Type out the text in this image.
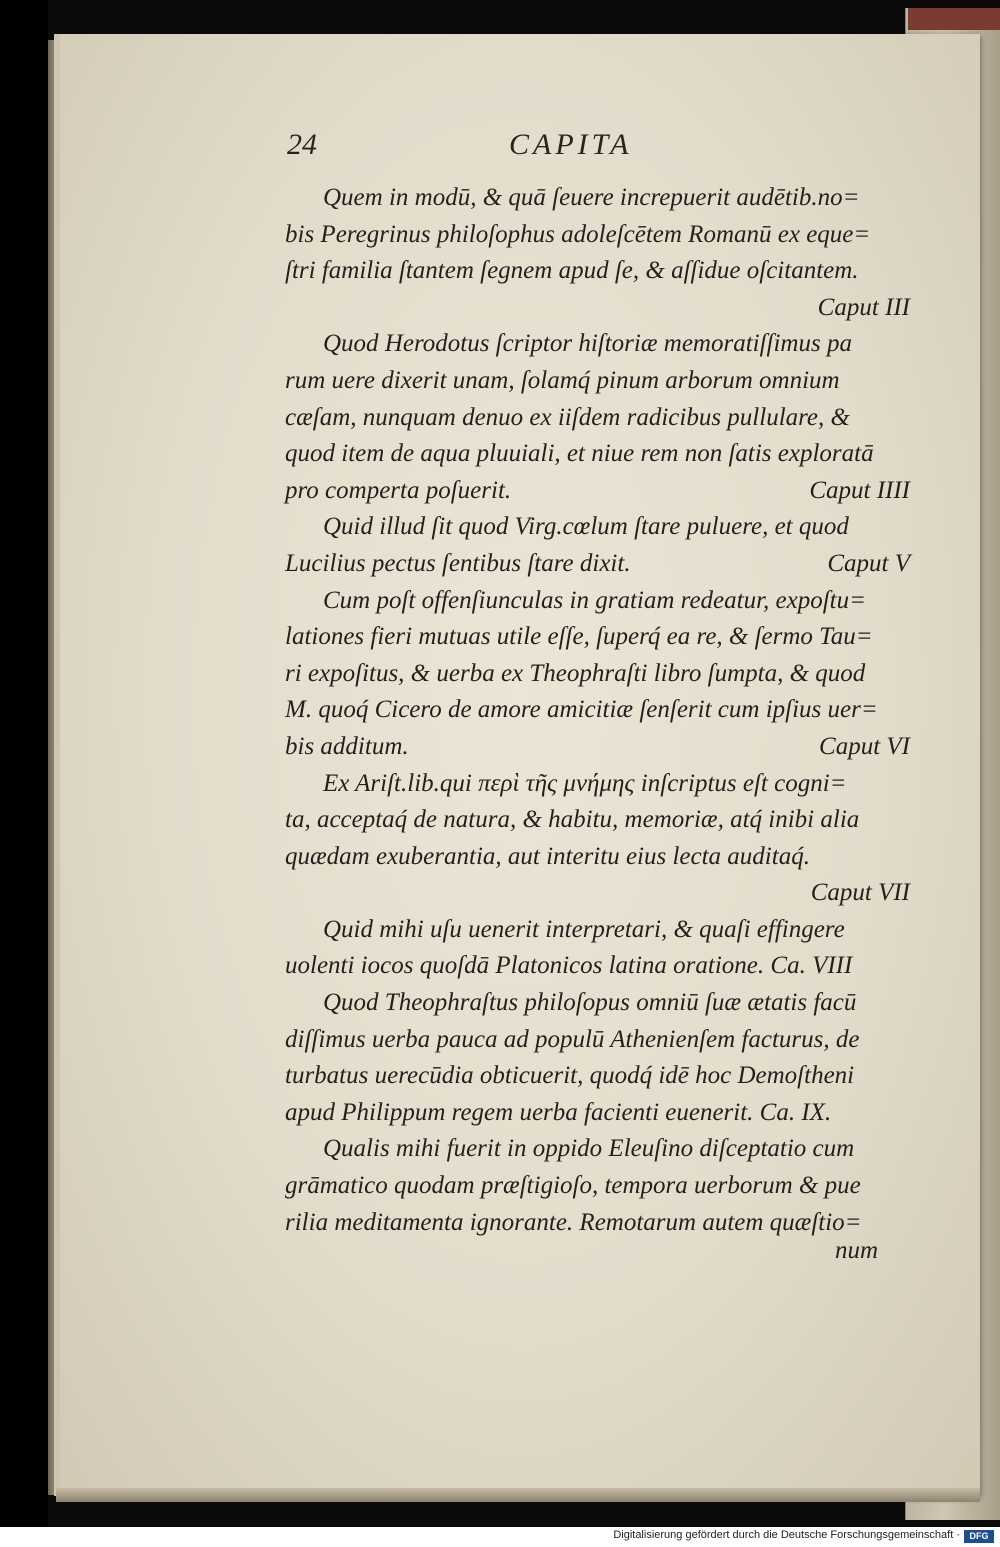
24	CAPITA
Quem in modū, & quā ſeuere increpuerit audētib.no=
bis Peregrinus philoſophus adoleſcētem Romanū ex eque=
ſtri familia ſtantem ſegnem apud ſe, & aſſidue oſcitantem.
Caput III
Quod Herodotus ſcriptor hiſtoriæ memoratiſſimus pa
rum uere dixerit unam, ſolamq́ pinum arborum omnium
cæſam, nunquam denuo ex iiſdem radicibus pullulare, &
quod item de aqua pluuiali, et niue rem non ſatis exploratā
pro comperta poſuerit.	Caput IIII
Quid illud ſit quod Virg.cœlum ſtare puluere, et quod
Lucilius pectus ſentibus ſtare dixit.	Caput V
Cum poſt offenſiunculas in gratiam redeatur, expoſtu=
lationes fieri mutuas utile eſſe, ſuperq́ ea re, & ſermo Tau=
ri expoſitus, & uerba ex Theophraſti libro ſumpta, & quod
M. quoq́ Cicero de amore amicitiæ ſenſerit cum ipſius uer=
bis additum.	Caput VI
Ex Ariſt.lib.qui περὶ τῆς μνήμης inſcriptus eſt cogni=
ta, acceptaq́ de natura, & habitu, memoriæ, atq́ inibi alia
quædam exuberantia, aut interitu eius lecta auditaq́.
Caput VII
Quid mihi uſu uenerit interpretari, & quaſi effingere
uolenti iocos quoſdā Platonicos latina oratione. Ca. VIII
Quod Theophraſtus philoſopus omniū ſuæ ætatis facū
diſſimus uerba pauca ad populū Athenienſem facturus, de
turbatus uerecūdia obticuerit, quodq́ idē hoc Demoſtheni
apud Philippum regem uerba facienti euenerit. Ca. IX.
Qualis mihi fuerit in oppido Eleuſino diſceptatio cum
grāmatico quodam præſtigioſo, tempora uerborum & pue
rilia meditamenta ignorante. Remotarum autem quæſtio=
num
Digitalisierung gefördert durch die Deutsche Forschungsgemeinschaft ·	DFG
